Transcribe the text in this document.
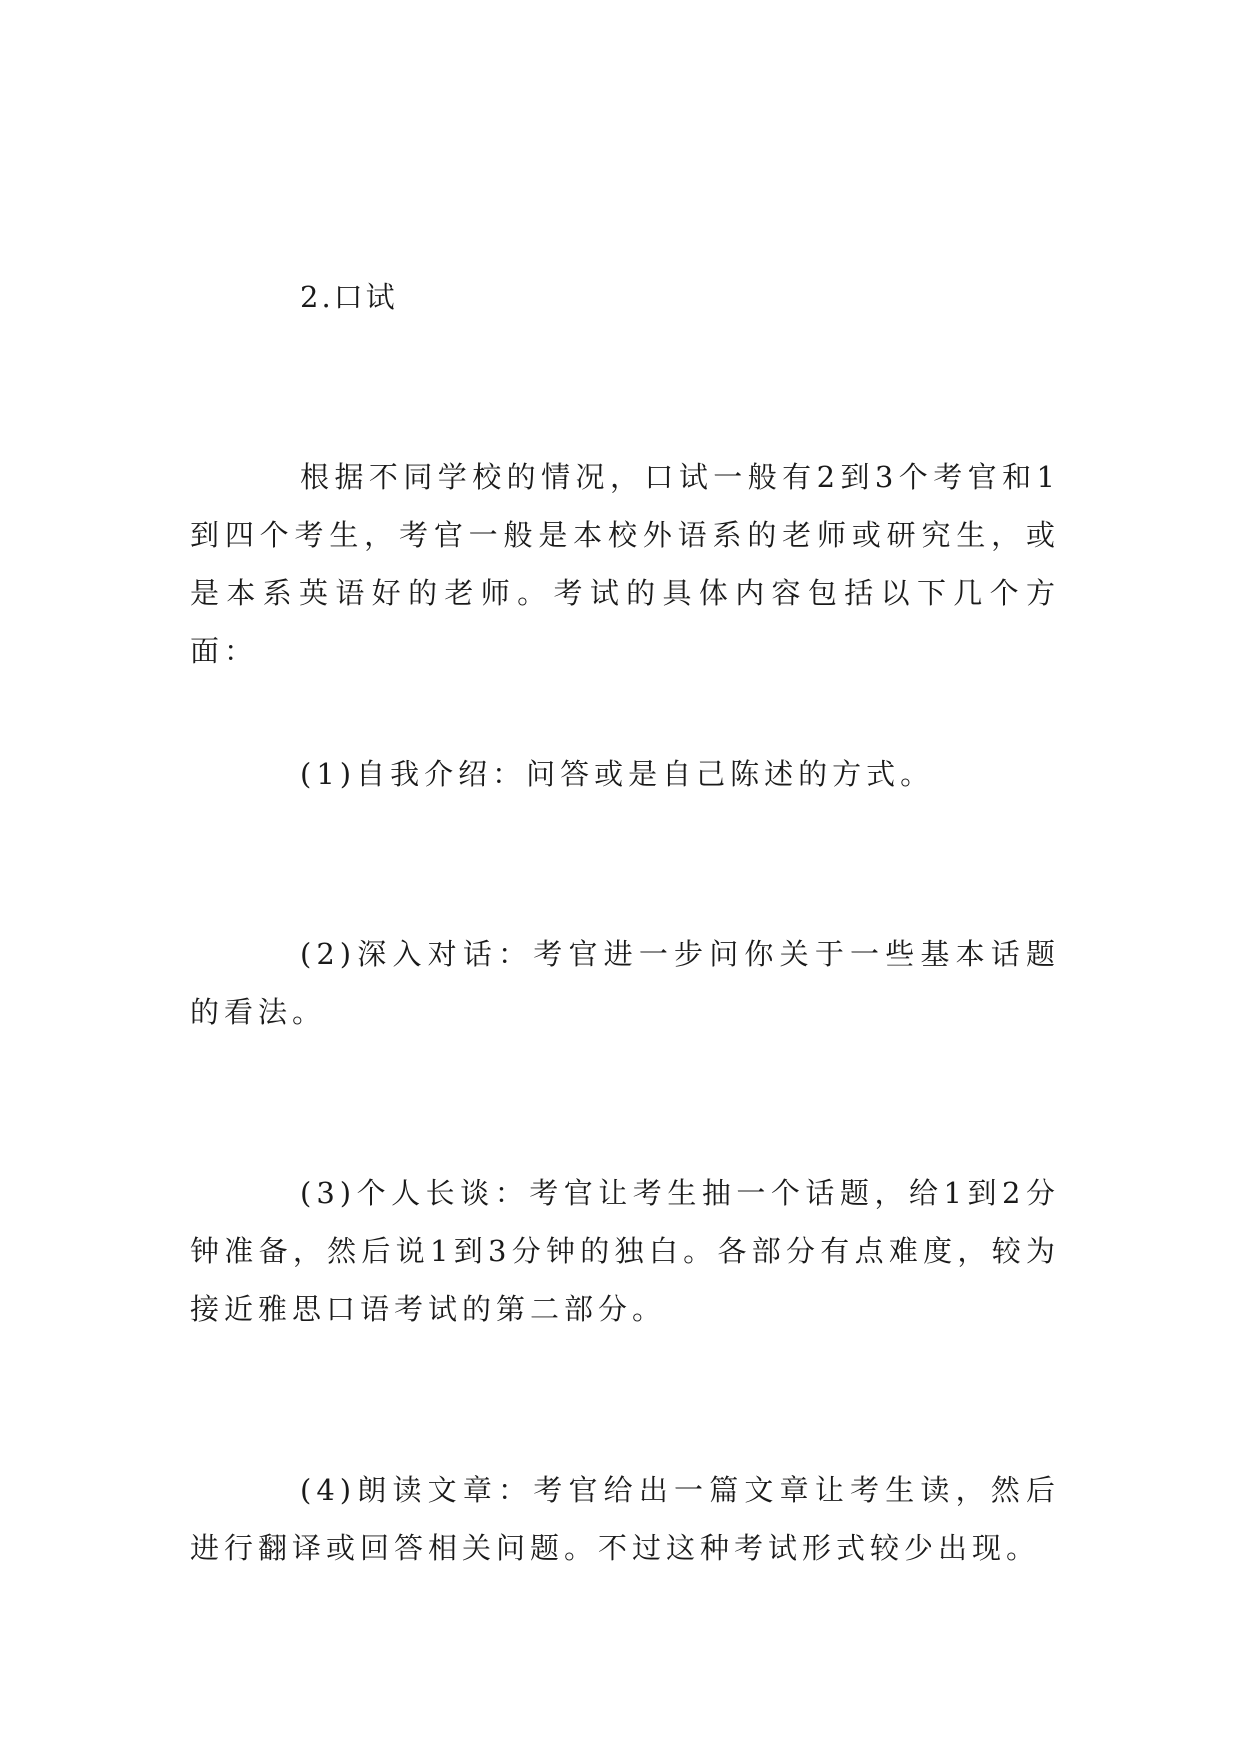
2.口试

根据不同学校的情况，口试一般有2到3个考官和1到四个考生，考官一般是本校外语系的老师或研究生，或是本系英语好的老师。考试的具体内容包括以下几个方面：

(1)自我介绍：问答或是自己陈述的方式。

(2)深入对话：考官进一步问你关于一些基本话题的看法。

(3)个人长谈：考官让考生抽一个话题，给1到2分钟准备，然后说1到3分钟的独白。各部分有点难度，较为接近雅思口语考试的第二部分。

(4)朗读文章：考官给出一篇文章让考生读，然后进行翻译或回答相关问题。不过这种考试形式较少出现。
